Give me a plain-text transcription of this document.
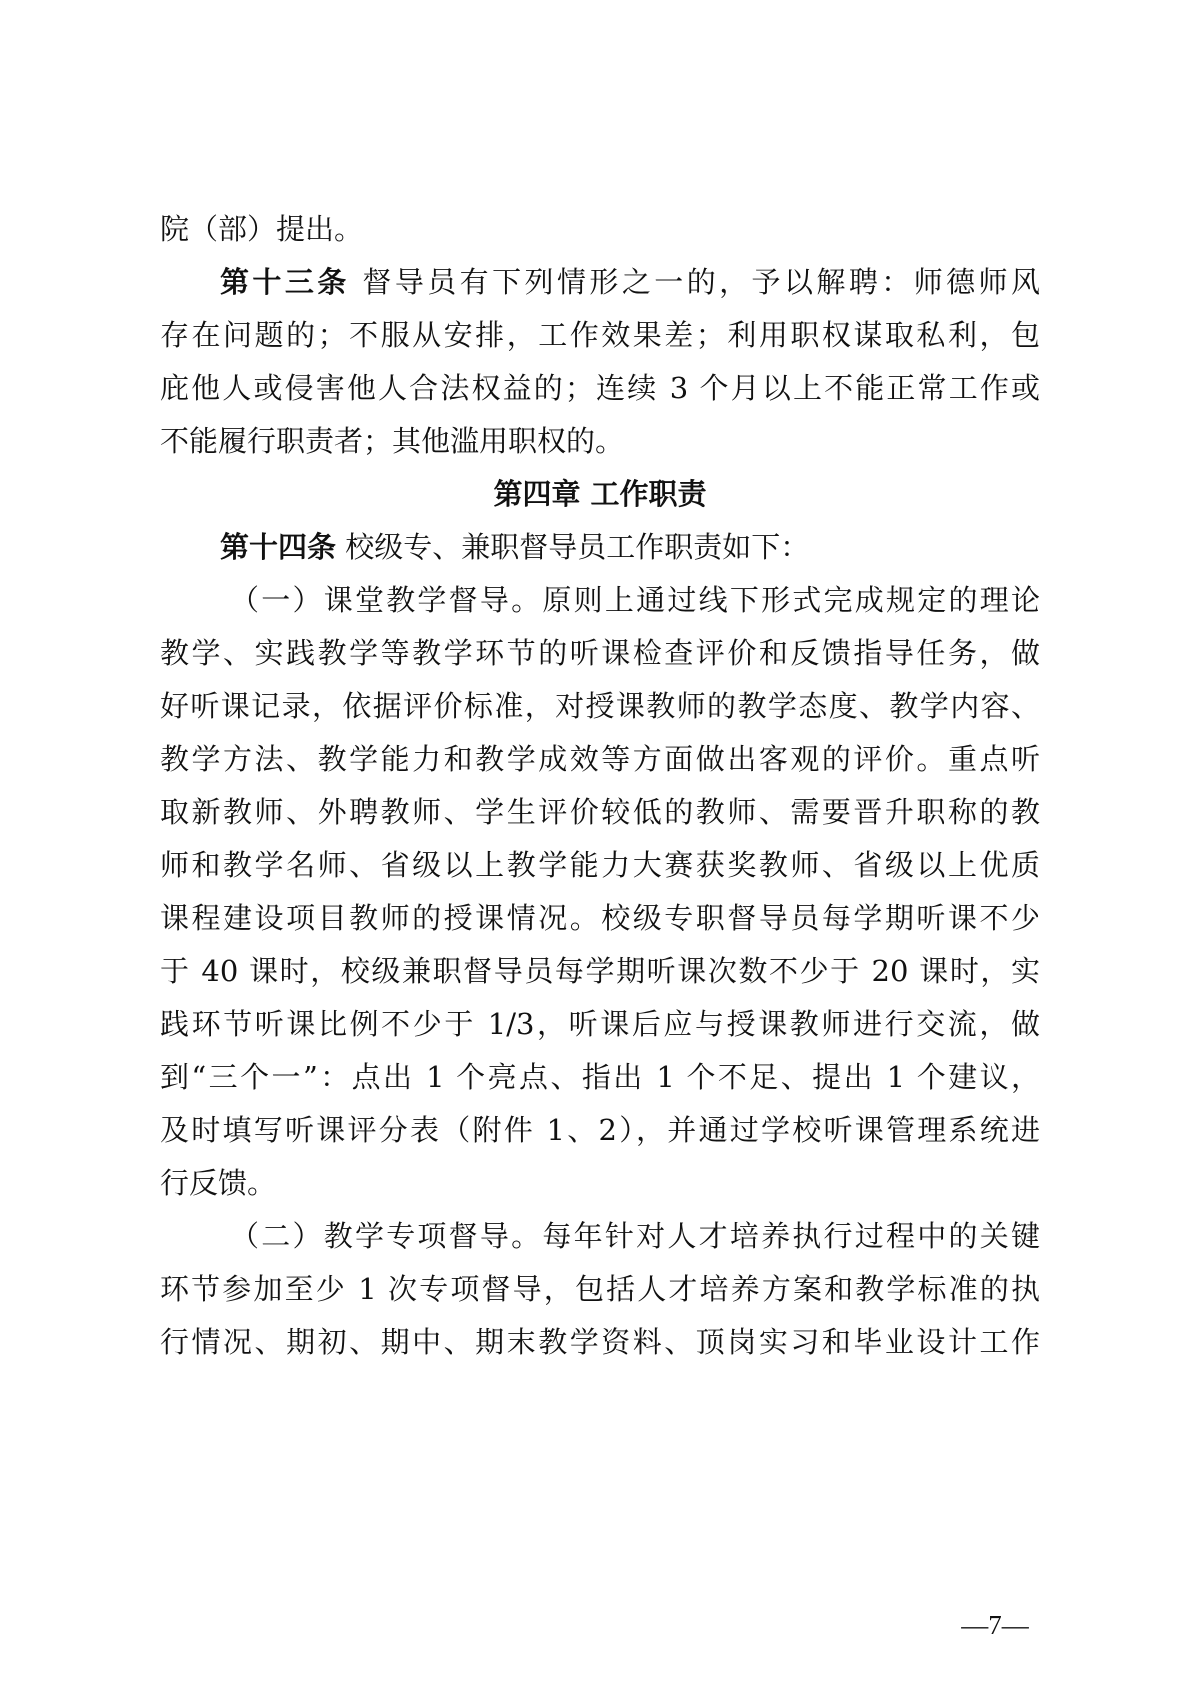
院（部）提出。
第十三条 督导员有下列情形之一的，予以解聘：师德师风
存在问题的；不服从安排，工作效果差；利用职权谋取私利，包
庇他人或侵害他人合法权益的；连续 3 个月以上不能正常工作或
不能履行职责者；其他滥用职权的。
第四章 工作职责
第十四条 校级专、兼职督导员工作职责如下：
（一）课堂教学督导。原则上通过线下形式完成规定的理论
教学、实践教学等教学环节的听课检查评价和反馈指导任务，做
好听课记录，依据评价标准，对授课教师的教学态度、教学内容、
教学方法、教学能力和教学成效等方面做出客观的评价。重点听
取新教师、外聘教师、学生评价较低的教师、需要晋升职称的教
师和教学名师、省级以上教学能力大赛获奖教师、省级以上优质
课程建设项目教师的授课情况。校级专职督导员每学期听课不少
于 40 课时，校级兼职督导员每学期听课次数不少于 20 课时，实
践环节听课比例不少于 1/3，听课后应与授课教师进行交流，做
到“三个一”：点出 1 个亮点、指出 1 个不足、提出 1 个建议，
及时填写听课评分表（附件 1、2），并通过学校听课管理系统进
行反馈。
（二）教学专项督导。每年针对人才培养执行过程中的关键
环节参加至少 1 次专项督导，包括人才培养方案和教学标准的执
行情况、期初、期中、期末教学资料、顶岗实习和毕业设计工作
—7—
